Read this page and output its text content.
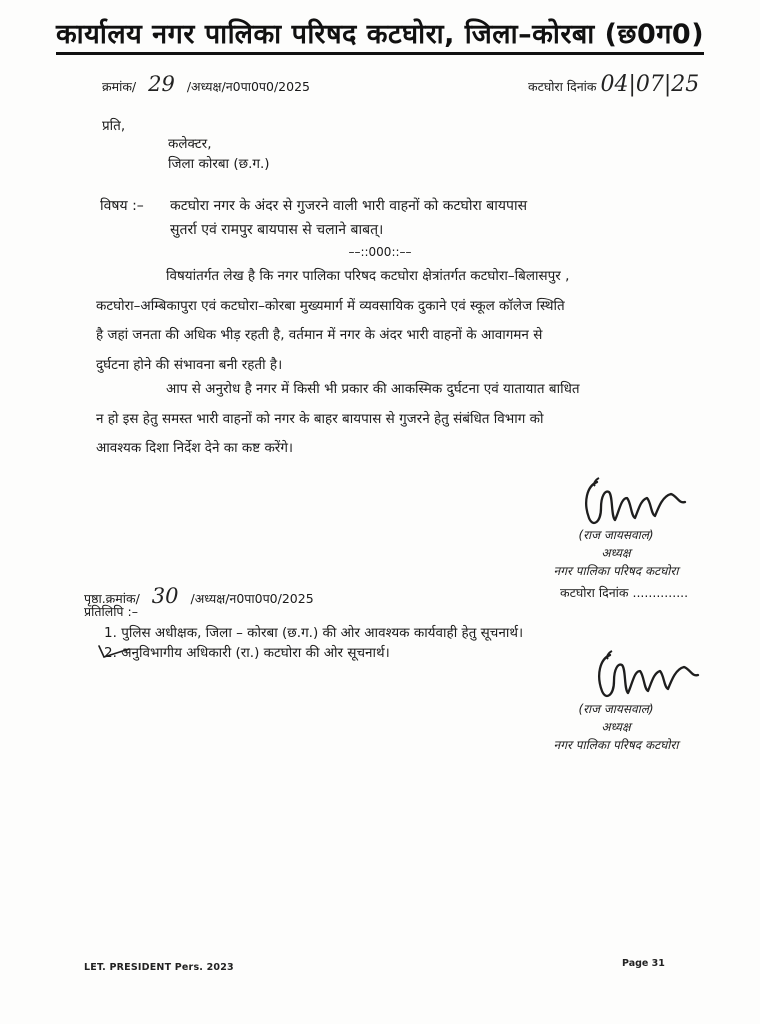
कार्यालय नगर पालिका परिषद कटघोरा, जिला–कोरबा (छ0ग0)
क्रमांक/ 29 /अध्यक्ष/न0पा0प0/2025	कटघोरा दिनांक 04|07|25
प्रति,
कलेक्टर,
जिला कोरबा (छ.ग.)
विषय :– कटघोरा नगर के अंदर से गुजरने वाली भारी वाहनों को कटघोरा बायपास
सुतर्रा एवं रामपुर बायपास से चलाने बाबत्।
––::000::––
विषयांतर्गत लेख है कि नगर पालिका परिषद कटघोरा क्षेत्रांतर्गत कटघोरा–बिलासपुर ,
कटघोरा–अम्बिकापुरा एवं कटघोरा–कोरबा मुख्यमार्ग में व्यवसायिक दुकाने एवं स्कूल कॉलेज स्थिति
है जहां जनता की अधिक भीड़ रहती है, वर्तमान में नगर के अंदर भारी वाहनों के आवागमन से
दुर्घटना होने की संभावना बनी रहती है।
आप से अनुरोध है नगर में किसी भी प्रकार की आकस्मिक दुर्घटना एवं यातायात बाधित
न हो इस हेतु समस्त भारी वाहनों को नगर के बाहर बायपास से गुजरने हेतु संबंधित विभाग को
आवश्यक दिशा निर्देश देने का कष्ट करेंगे।
(राज जायसवाल)
अध्यक्ष
नगर पालिका परिषद कटघोरा
पृष्ठा.क्रमांक/ 30 /अध्यक्ष/न0पा0प0/2025	कटघोरा दिनांक ..............
प्रतिलिपि :–
1. पुलिस अधीक्षक, जिला – कोरबा (छ.ग.) की ओर आवश्यक कार्यवाही हेतु सूचनार्थ।
2. अनुविभागीय अधिकारी (रा.) कटघोरा की ओर सूचनार्थ।
(राज जायसवाल)
अध्यक्ष
नगर पालिका परिषद कटघोरा
LET. PRESIDENT Pers. 2023	Page 31
